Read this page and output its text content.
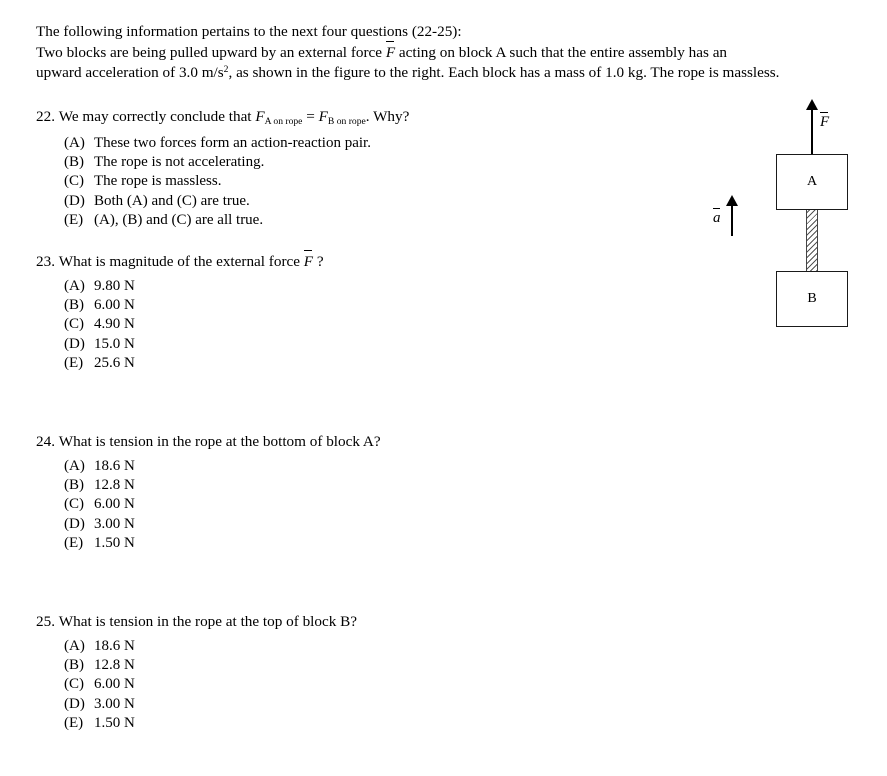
The following information pertains to the next four questions (22-25):
Two blocks are being pulled upward by an external force F acting on block A such that the entire assembly has an
upward acceleration of 3.0 $m/s^2$, as shown in the figure to the right. Each block has a mass of 1.0 kg. The rope is massless.

22. We may correctly conclude that $F_{A on rope} = F_{B on rope}$. Why?

(A) These two forces form an action-reaction pair.
(B) The rope is not accelerating.
(C) The rope is massless.
(D) Both (A) and (C) are true.
(E) (A), (B) and (C) are all true.

23. What is magnitude of the external force F ?

(A) 9.80 N
(B) 6.00 N
(C) 4.90 N
(D) 15.0 N
(E) 25.6 N

24. What is tension in the rope at the bottom of block A?

(A) 18.6 N
(B) 12.8 N
(C) 6.00 N
(D) 3.00 N
(E) 1.50 N

25. What is tension in the rope at the top of block B?

(A) 18.6 N
(B) 12.8 N
(C) 6.00 N
(D) 3.00 N
(E) 1.50 N
F
A
B
a
